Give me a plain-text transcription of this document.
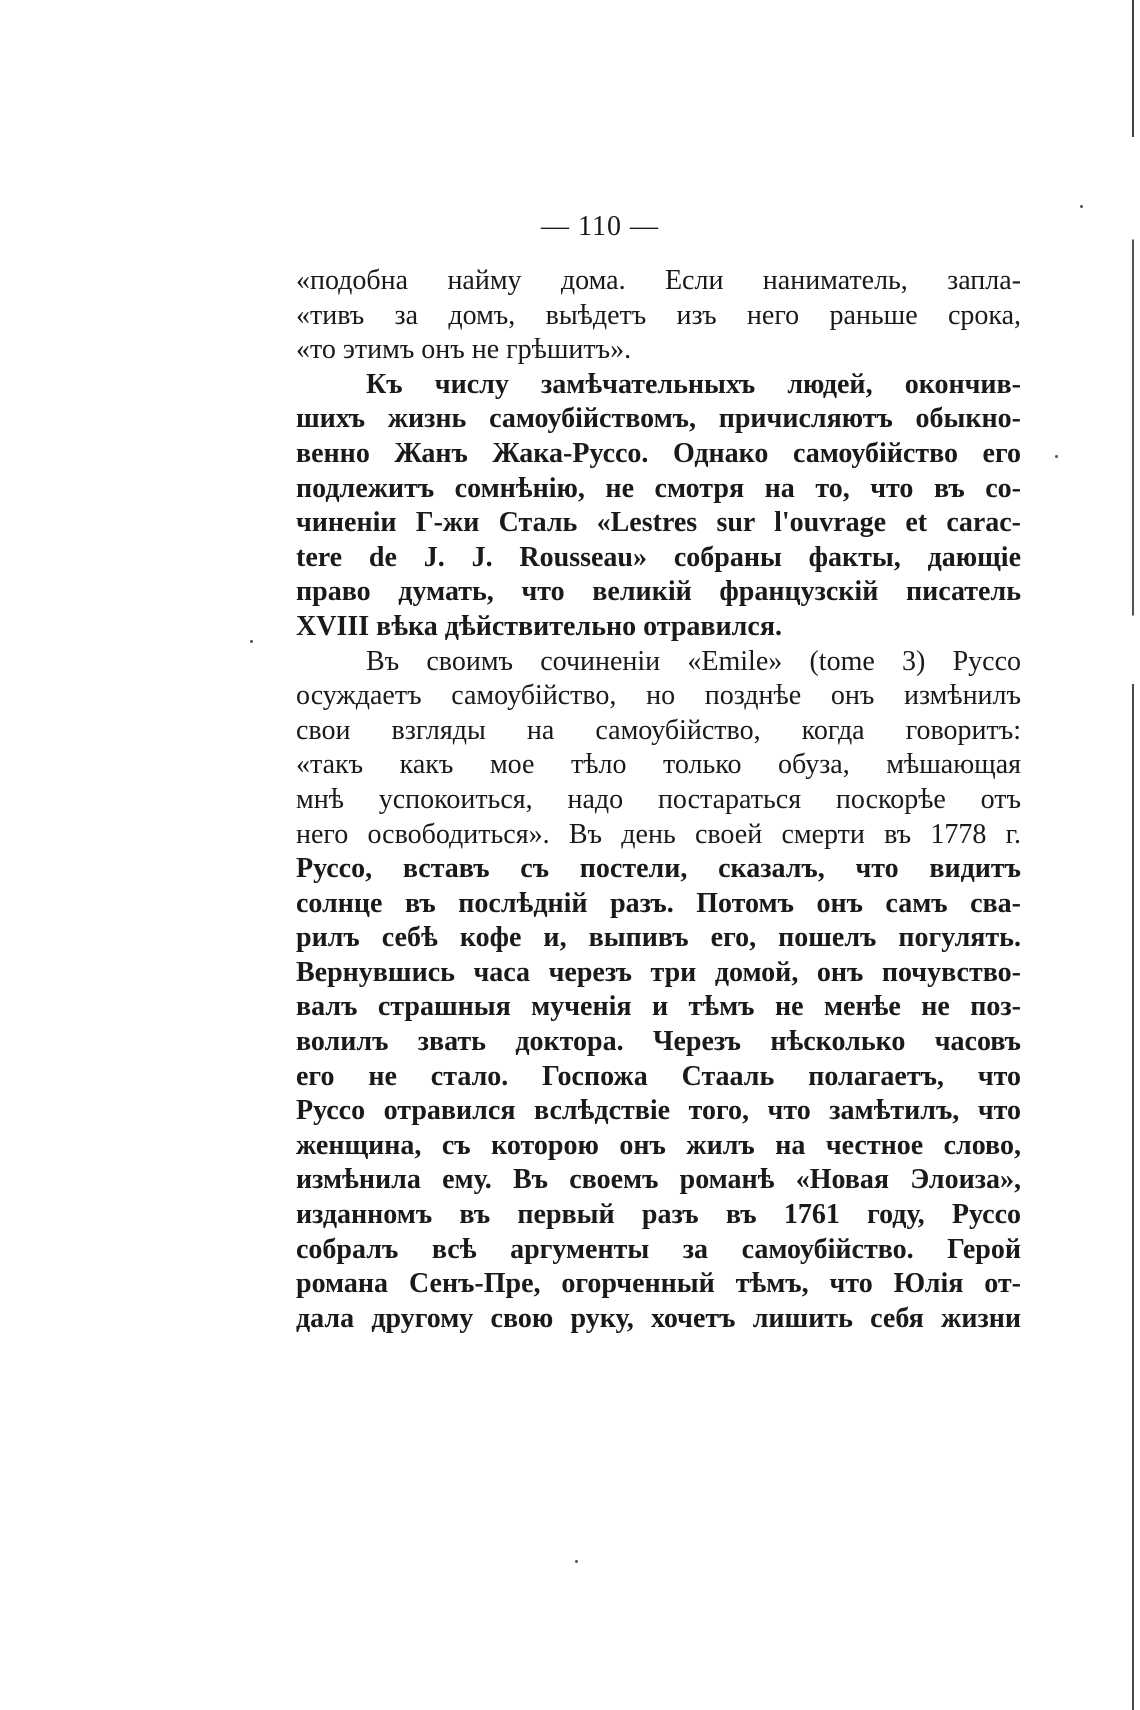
— 110 —
«подобна найму дома. Если наниматель, запла-
«тивъ за домъ, выѣдетъ изъ него раньше срока,
«то этимъ онъ не грѣшитъ».
Къ числу замѣчательныхъ людей, окончив-
шихъ жизнь самоубійствомъ, причисляютъ обыкно-
венно Жанъ Жака-Руссо. Однако самоубійство его
подлежитъ сомнѣнію, не смотря на то, что въ со-
чиненіи Г-жи Сталь «Lestres sur l'ouvrage et carac-
tere de J. J. Rousseau» собраны факты, дающіе
право думать, что великій французскій писатель
XVIII вѣка дѣйствительно отравился.
Въ своимъ сочиненіи «Emile» (tome 3) Руссо
осуждаетъ самоубійство, но позднѣе онъ измѣнилъ
свои взгляды на самоубійство, когда говоритъ:
«такъ какъ мое тѣло только обуза, мѣшающая
мнѣ успокоиться, надо постараться поскорѣе отъ
него освободиться». Въ день своей смерти въ 1778 г.
Руссо, вставъ съ постели, сказалъ, что видитъ
солнце въ послѣдній разъ. Потомъ онъ самъ сва-
рилъ себѣ кофе и, выпивъ его, пошелъ погулять.
Вернувшись часа черезъ три домой, онъ почувство-
валъ страшныя мученія и тѣмъ не менѣе не поз-
волилъ звать доктора. Черезъ нѣсколько часовъ
его не стало. Госпожа Стааль полагаетъ, что
Руссо отравился вслѣдствіе того, что замѣтилъ, что
женщина, съ которою онъ жилъ на честное слово,
измѣнила ему. Въ своемъ романѣ «Новая Элоиза»,
изданномъ въ первый разъ въ 1761 году, Руссо
собралъ всѣ аргументы за самоубійство. Герой
романа Сенъ-Пре, огорченный тѣмъ, что Юлія от-
дала другому свою руку, хочетъ лишить себя жизни
